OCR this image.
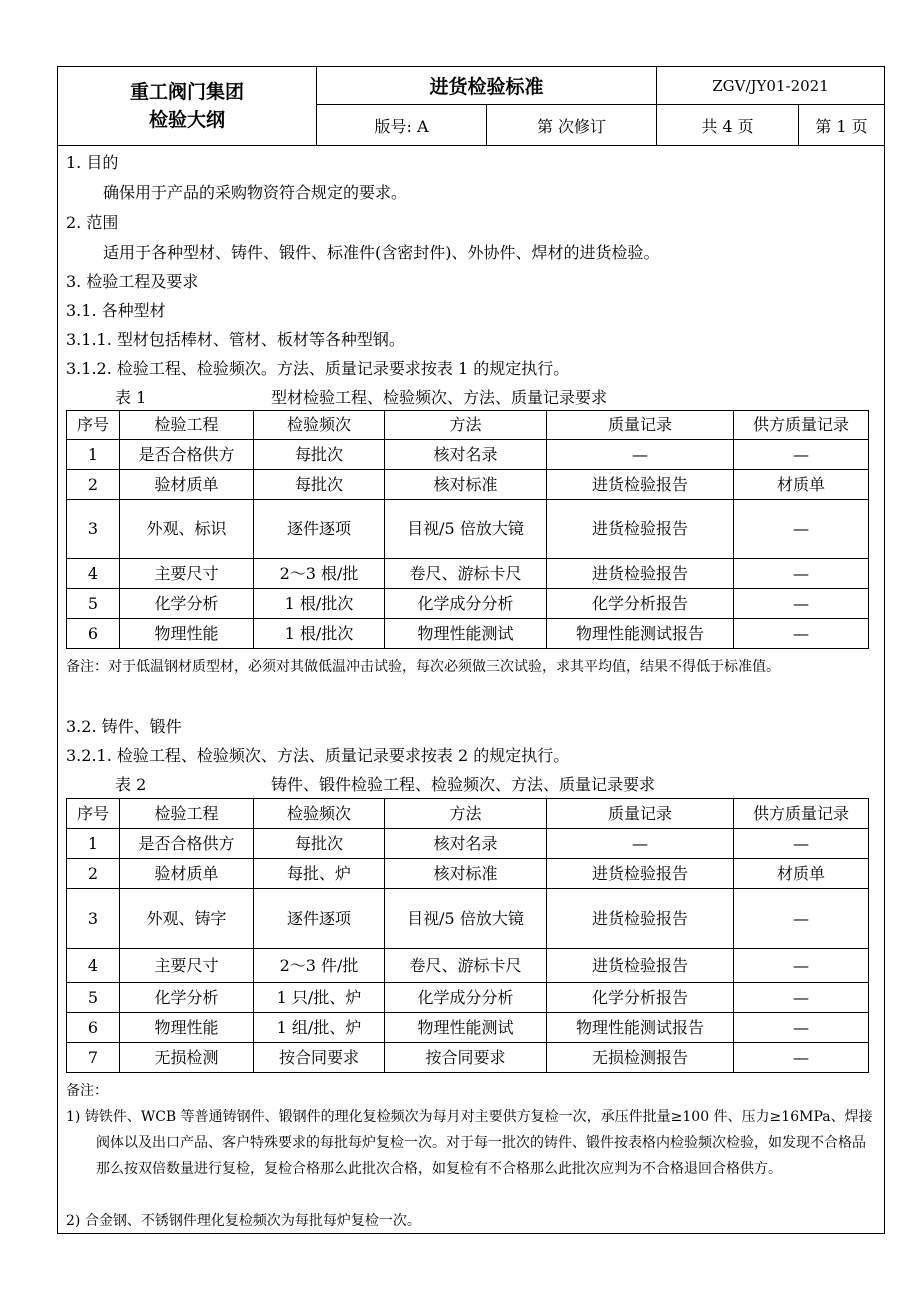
重工阀门集团
检验大纲
进货检验标准	ZGV/JY01-2021
版号: A	第 次修订	共 4 页	第 1 页
1. 目的
确保用于产品的采购物资符合规定的要求。
2. 范围
适用于各种型材、铸件、锻件、标准件(含密封件)、外协件、焊材的进货检验。
3. 检验工程及要求
3.1. 各种型材
3.1.1. 型材包括棒材、管材、板材等各种型钢。
3.1.2. 检验工程、检验频次。方法、质量记录要求按表 1 的规定执行。
表 1	型材检验工程、检验频次、方法、质量记录要求
序号	检验工程	检验频次	方法	质量记录	供方质量记录
1	是否合格供方	每批次	核对名录	—	—
2	验材质单	每批次	核对标准	进货检验报告	材质单
3	外观、标识	逐件逐项	目视/5 倍放大镜	进货检验报告	—
4	主要尺寸	2～3 根/批	卷尺、游标卡尺	进货检验报告	—
5	化学分析	1 根/批次	化学成分分析	化学分析报告	—
6	物理性能	1 根/批次	物理性能测试	物理性能测试报告	—
备注：对于低温钢材质型材，必须对其做低温冲击试验，每次必须做三次试验，求其平均值，结果不得低于标准值。
3.2. 铸件、锻件
3.2.1. 检验工程、检验频次、方法、质量记录要求按表 2 的规定执行。
表 2	铸件、锻件检验工程、检验频次、方法、质量记录要求
序号	检验工程	检验频次	方法	质量记录	供方质量记录
1	是否合格供方	每批次	核对名录	—	—
2	验材质单	每批、炉	核对标准	进货检验报告	材质单
3	外观、铸字	逐件逐项	目视/5 倍放大镜	进货检验报告	—
4	主要尺寸	2～3 件/批	卷尺、游标卡尺	进货检验报告	—
5	化学分析	1 只/批、炉	化学成分分析	化学分析报告	—
6	物理性能	1 组/批、炉	物理性能测试	物理性能测试报告	—
7	无损检测	按合同要求	按合同要求	无损检测报告	—
备注：
1) 铸铁件、WCB 等普通铸钢件、锻钢件的理化复检频次为每月对主要供方复检一次，承压件批量≥100 件、压力≥16MPa、焊接阀体以及出口产品、客户特殊要求的每批每炉复检一次。对于每一批次的铸件、锻件按表格内检验频次检验，如发现不合格品那么按双倍数量进行复检，复检合格那么此批次合格，如复检有不合格那么此批次应判为不合格退回合格供方。
2) 合金钢、不锈钢件理化复检频次为每批每炉复检一次。
